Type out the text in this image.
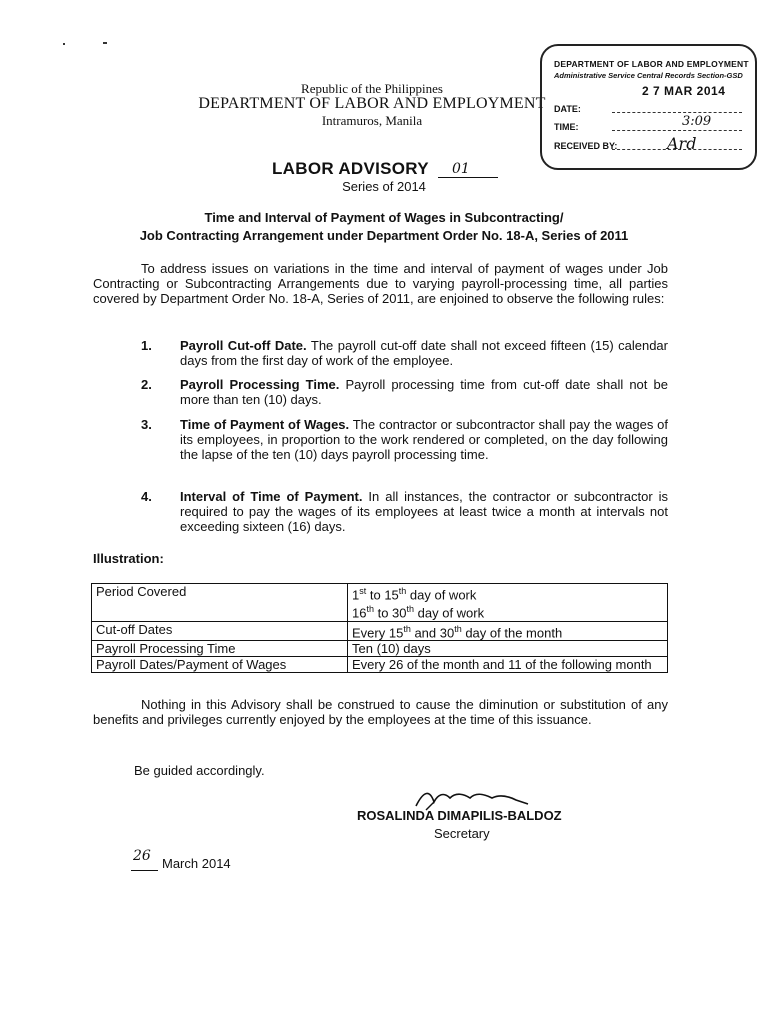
Republic of the Philippines
DEPARTMENT OF LABOR AND EMPLOYMENT
Intramuros, Manila
DEPARTMENT OF LABOR AND EMPLOYMENT
Administrative Service Central Records Section-GSD
2 7 MAR 2014
DATE:
TIME:	3:09
RECEIVED BY:	Ard
LABOR ADVISORY	01
Series of 2014
Time and Interval of Payment of Wages in Subcontracting/
Job Contracting Arrangement under Department Order No. 18-A, Series of 2011
To address issues on variations in the time and interval of payment of wages under Job Contracting or Subcontracting Arrangements due to varying payroll-processing time, all parties covered by Department Order No. 18-A, Series of 2011, are enjoined to observe the following rules:
1. Payroll Cut-off Date. The payroll cut-off date shall not exceed fifteen (15) calendar days from the first day of work of the employee.
2. Payroll Processing Time. Payroll processing time from cut-off date shall not be more than ten (10) days.
3. Time of Payment of Wages. The contractor or subcontractor shall pay the wages of its employees, in proportion to the work rendered or completed, on the day following the lapse of the ten (10) days payroll processing time.
4. Interval of Time of Payment. In all instances, the contractor or subcontractor is required to pay the wages of its employees at least twice a month at intervals not exceeding sixteen (16) days.
Illustration:
Period Covered	1st to 15th day of work
16th to 30th day of work

Cut-off Dates	Every 15th and 30th day of the month
Payroll Processing Time	Ten (10) days
Payroll Dates/Payment of Wages	Every 26 of the month and 11 of the following month
Nothing in this Advisory shall be construed to cause the diminution or substitution of any benefits and privileges currently enjoyed by the employees at the time of this issuance.
Be guided accordingly.
ROSALINDA DIMAPILIS-BALDOZ
Secretary
26 March 2014
